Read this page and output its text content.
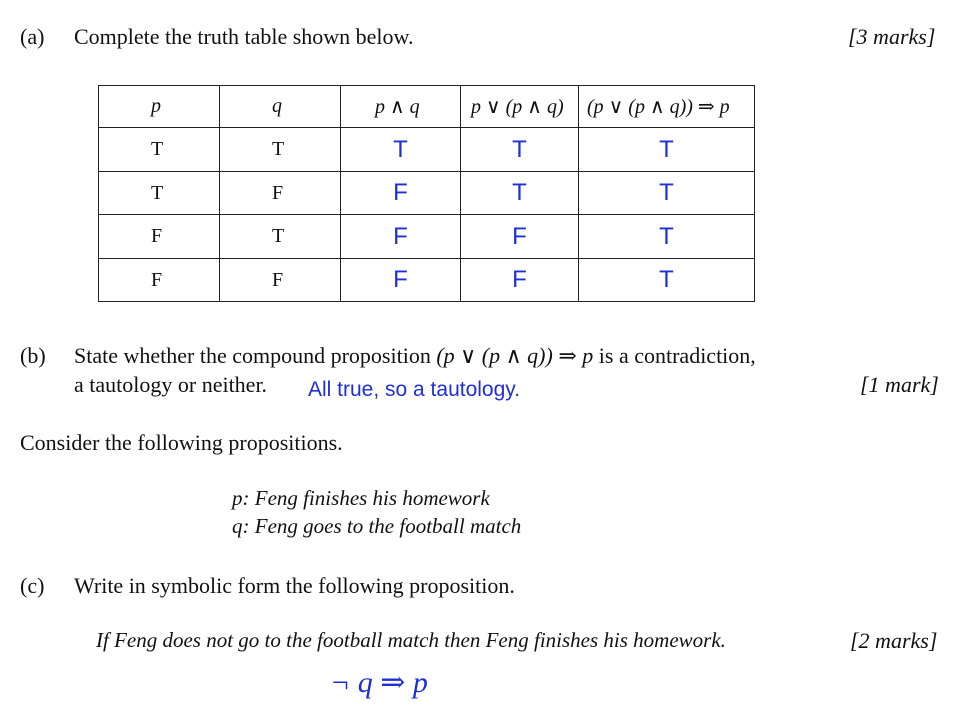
(a) Complete the truth table shown below.	[3 marks]
p	q	p ∧ q	p ∨ (p ∧ q)	(p ∨ (p ∧ q)) ⇒ p
T	T	T	T	T
T	F	F	T	T
F	T	F	F	T
F	F	F	F	T
(b) State whether the compound proposition (p ∨ (p ∧ q)) ⇒ p is a contradiction,
a tautology or neither. All true, so a tautology.	[1 mark]
Consider the following propositions.
p: Feng finishes his homework
q: Feng goes to the football match
(c) Write in symbolic form the following proposition.
If Feng does not go to the football match then Feng finishes his homework.	[2 marks]
¬ q ⇒ p
